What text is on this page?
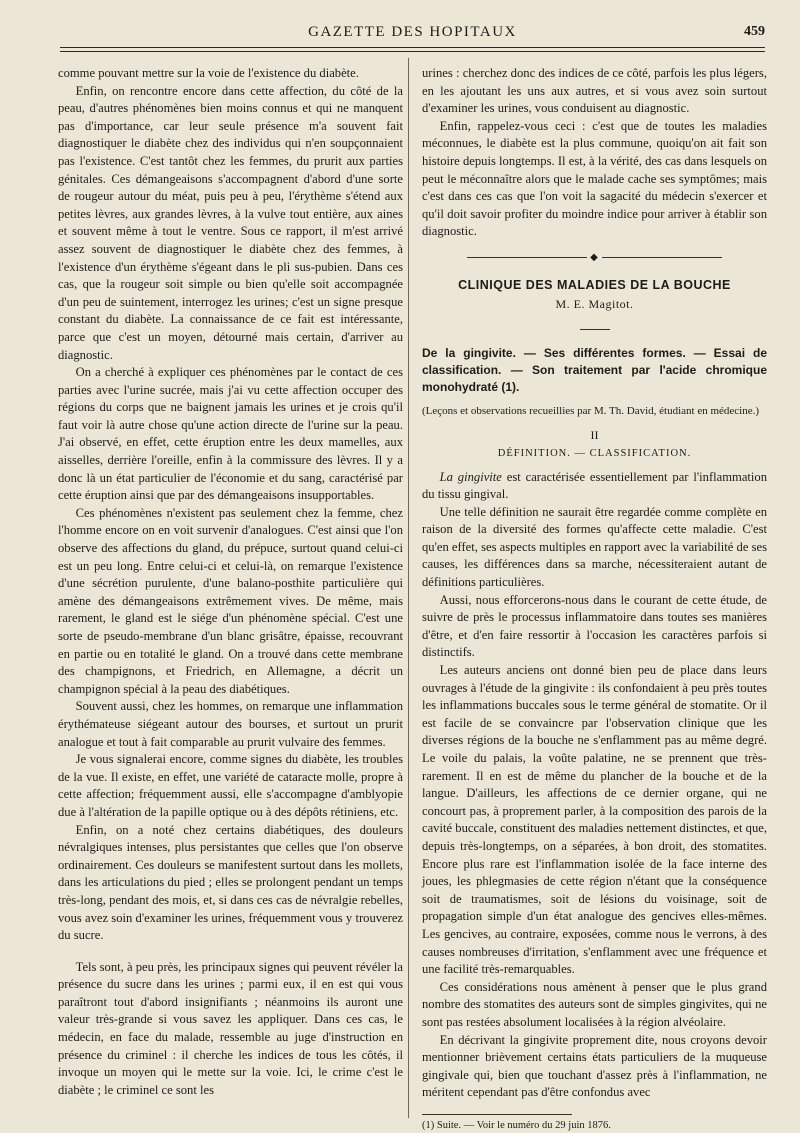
GAZETTE DES HOPITAUX	459

comme pouvant mettre sur la voie de l'existence du diabète.

Enfin, on rencontre encore dans cette affection, du côté de la peau, d'autres phénomènes bien moins connus et qui ne manquent pas d'importance, car leur seule présence m'a souvent fait diagnostiquer le diabète chez des individus qui n'en soupçonnaient pas l'existence. C'est tantôt chez les femmes, du prurit aux parties génitales. Ces démangeaisons s'accompagnent d'abord d'une sorte de rougeur autour du méat, puis peu à peu, l'érythème s'étend aux petites lèvres, aux grandes lèvres, à la vulve tout entière, aux aines et souvent même à tout le ventre. Sous ce rapport, il m'est arrivé assez souvent de diagnostiquer le diabète chez des femmes, à l'existence d'un érythème s'égeant dans le pli sus-pubien. Dans ces cas, que la rougeur soit simple ou bien qu'elle soit accompagnée d'un peu de suintement, interrogez les urines; c'est un signe presque constant du diabète. La connaissance de ce fait est intéressante, parce que c'est un moyen, détourné mais certain, d'arriver au diagnostic.

On a cherché à expliquer ces phénomènes par le contact de ces parties avec l'urine sucrée, mais j'ai vu cette affection occuper des régions du corps que ne baignent jamais les urines et je crois qu'il faut voir là autre chose qu'une action directe de l'urine sur la peau. J'ai observé, en effet, cette éruption entre les deux mamelles, aux aisselles, derrière l'oreille, enfin à la commissure des lèvres. Il y a donc là un état particulier de l'économie et du sang, caractérisé par cette éruption ainsi que par des démangeaisons insupportables.

Ces phénomènes n'existent pas seulement chez la femme, chez l'homme encore on en voit survenir d'analogues. C'est ainsi que l'on observe des affections du gland, du prépuce, surtout quand celui-ci est un peu long. Entre celui-ci et celui-là, on remarque l'existence d'une sécrétion purulente, d'une balano-posthite particulière qui amène des démangeaisons extrêmement vives. De même, mais rarement, le gland est le siége d'un phénomène spécial. C'est une sorte de pseudo-membrane d'un blanc grisâtre, épaisse, recouvrant en partie ou en totalité le gland. On a trouvé dans cette membrane des champignons, et Friedrich, en Allemagne, a décrit un champignon spécial à la peau des diabétiques.

Souvent aussi, chez les hommes, on remarque une inflammation érythémateuse siégeant autour des bourses, et surtout un prurit analogue et tout à fait comparable au prurit vulvaire des femmes.

Je vous signalerai encore, comme signes du diabète, les troubles de la vue. Il existe, en effet, une variété de cataracte molle, propre à cette affection; fréquemment aussi, elle s'accompagne d'amblyopie due à l'altération de la papille optique ou à des dépôts rétiniens, etc.

Enfin, on a noté chez certains diabétiques, des douleurs névralgiques intenses, plus persistantes que celles que l'on observe ordinairement. Ces douleurs se manifestent surtout dans les mollets, dans les articulations du pied ; elles se prolongent pendant un temps très-long, pendant des mois, et, si dans ces cas de névralgie rebelles, vous avez soin d'examiner les urines, fréquemment vous y trouverez du sucre.

Tels sont, à peu près, les principaux signes qui peuvent révéler la présence du sucre dans les urines ; parmi eux, il en est qui vous paraîtront tout d'abord insignifiants ; néanmoins ils auront une valeur très-grande si vous savez les appliquer. Dans ces cas, le médecin, en face du malade, ressemble au juge d'instruction en présence du criminel : il cherche les indices de tous les côtés, il invoque un moyen qui le mette sur la voie. Ici, le crime c'est le diabète ; le criminel ce sont les

urines : cherchez donc des indices de ce côté, parfois les plus légers, en les ajoutant les uns aux autres, et si vous avez soin surtout d'examiner les urines, vous conduisent au diagnostic.

Enfin, rappelez-vous ceci : c'est que de toutes les maladies méconnues, le diabète est la plus commune, quoiqu'on ait fait son histoire depuis longtemps. Il est, à la vérité, des cas dans lesquels on peut le méconnaître alors que le malade cache ses symptômes; mais c'est dans ces cas que l'on voit la sagacité du médecin s'exercer et qu'il doit savoir profiter du moindre indice pour arriver à établir son diagnostic.

◆
CLINIQUE DES MALADIES DE LA BOUCHE
M. E. Magitot.
De la gingivite. — Ses différentes formes. — Essai de classification. — Son traitement par l'acide chromique monohydraté (1).
(Leçons et observations recueillies par M. Th. David, étudiant en médecine.)
II
DÉFINITION. — CLASSIFICATION.

La gingivite est caractérisée essentiellement par l'inflammation du tissu gingival.

Une telle définition ne saurait être regardée comme complète en raison de la diversité des formes qu'affecte cette maladie. C'est qu'en effet, ses aspects multiples en rapport avec la variabilité de ses causes, les différences dans sa marche, nécessiteraient autant de définitions particulières.

Aussi, nous efforcerons-nous dans le courant de cette étude, de suivre de près le processus inflammatoire dans toutes ses manières d'être, et d'en faire ressortir à l'occasion les caractères parfois si distinctifs.

Les auteurs anciens ont donné bien peu de place dans leurs ouvrages à l'étude de la gingivite : ils confondaient à peu près toutes les inflammations buccales sous le terme général de stomatite. Or il est facile de se convaincre par l'observation clinique que les diverses régions de la bouche ne s'enflamment pas au même degré. Le voile du palais, la voûte palatine, ne se prennent que très-rarement. Il en est de même du plancher de la bouche et de la langue. D'ailleurs, les affections de ce dernier organe, qui ne concourt pas, à proprement parler, à la composition des parois de la cavité buccale, constituent des maladies nettement distinctes, et que, depuis très-longtemps, on a séparées, à bon droit, des stomatites. Encore plus rare est l'inflammation isolée de la face interne des joues, les phlegmasies de cette région n'étant que la conséquence soit de traumatismes, soit de lésions du voisinage, soit de propagation simple d'un état analogue des gencives elles-mêmes. Les gencives, au contraire, exposées, comme nous le verrons, à des causes nombreuses d'irritation, s'enflamment avec une fréquence et une facilité très-remarquables.

Ces considérations nous amènent à penser que le plus grand nombre des stomatites des auteurs sont de simples gingivites, qui ne sont pas restées absolument localisées à la région alvéolaire.

En décrivant la gingivite proprement dite, nous croyons devoir mentionner brièvement certains états particuliers de la muqueuse gingivale qui, bien que touchant d'assez près à l'inflammation, ne méritent cependant pas d'être confondus avec

(1) Suite. — Voir le numéro du 29 juin 1876.
